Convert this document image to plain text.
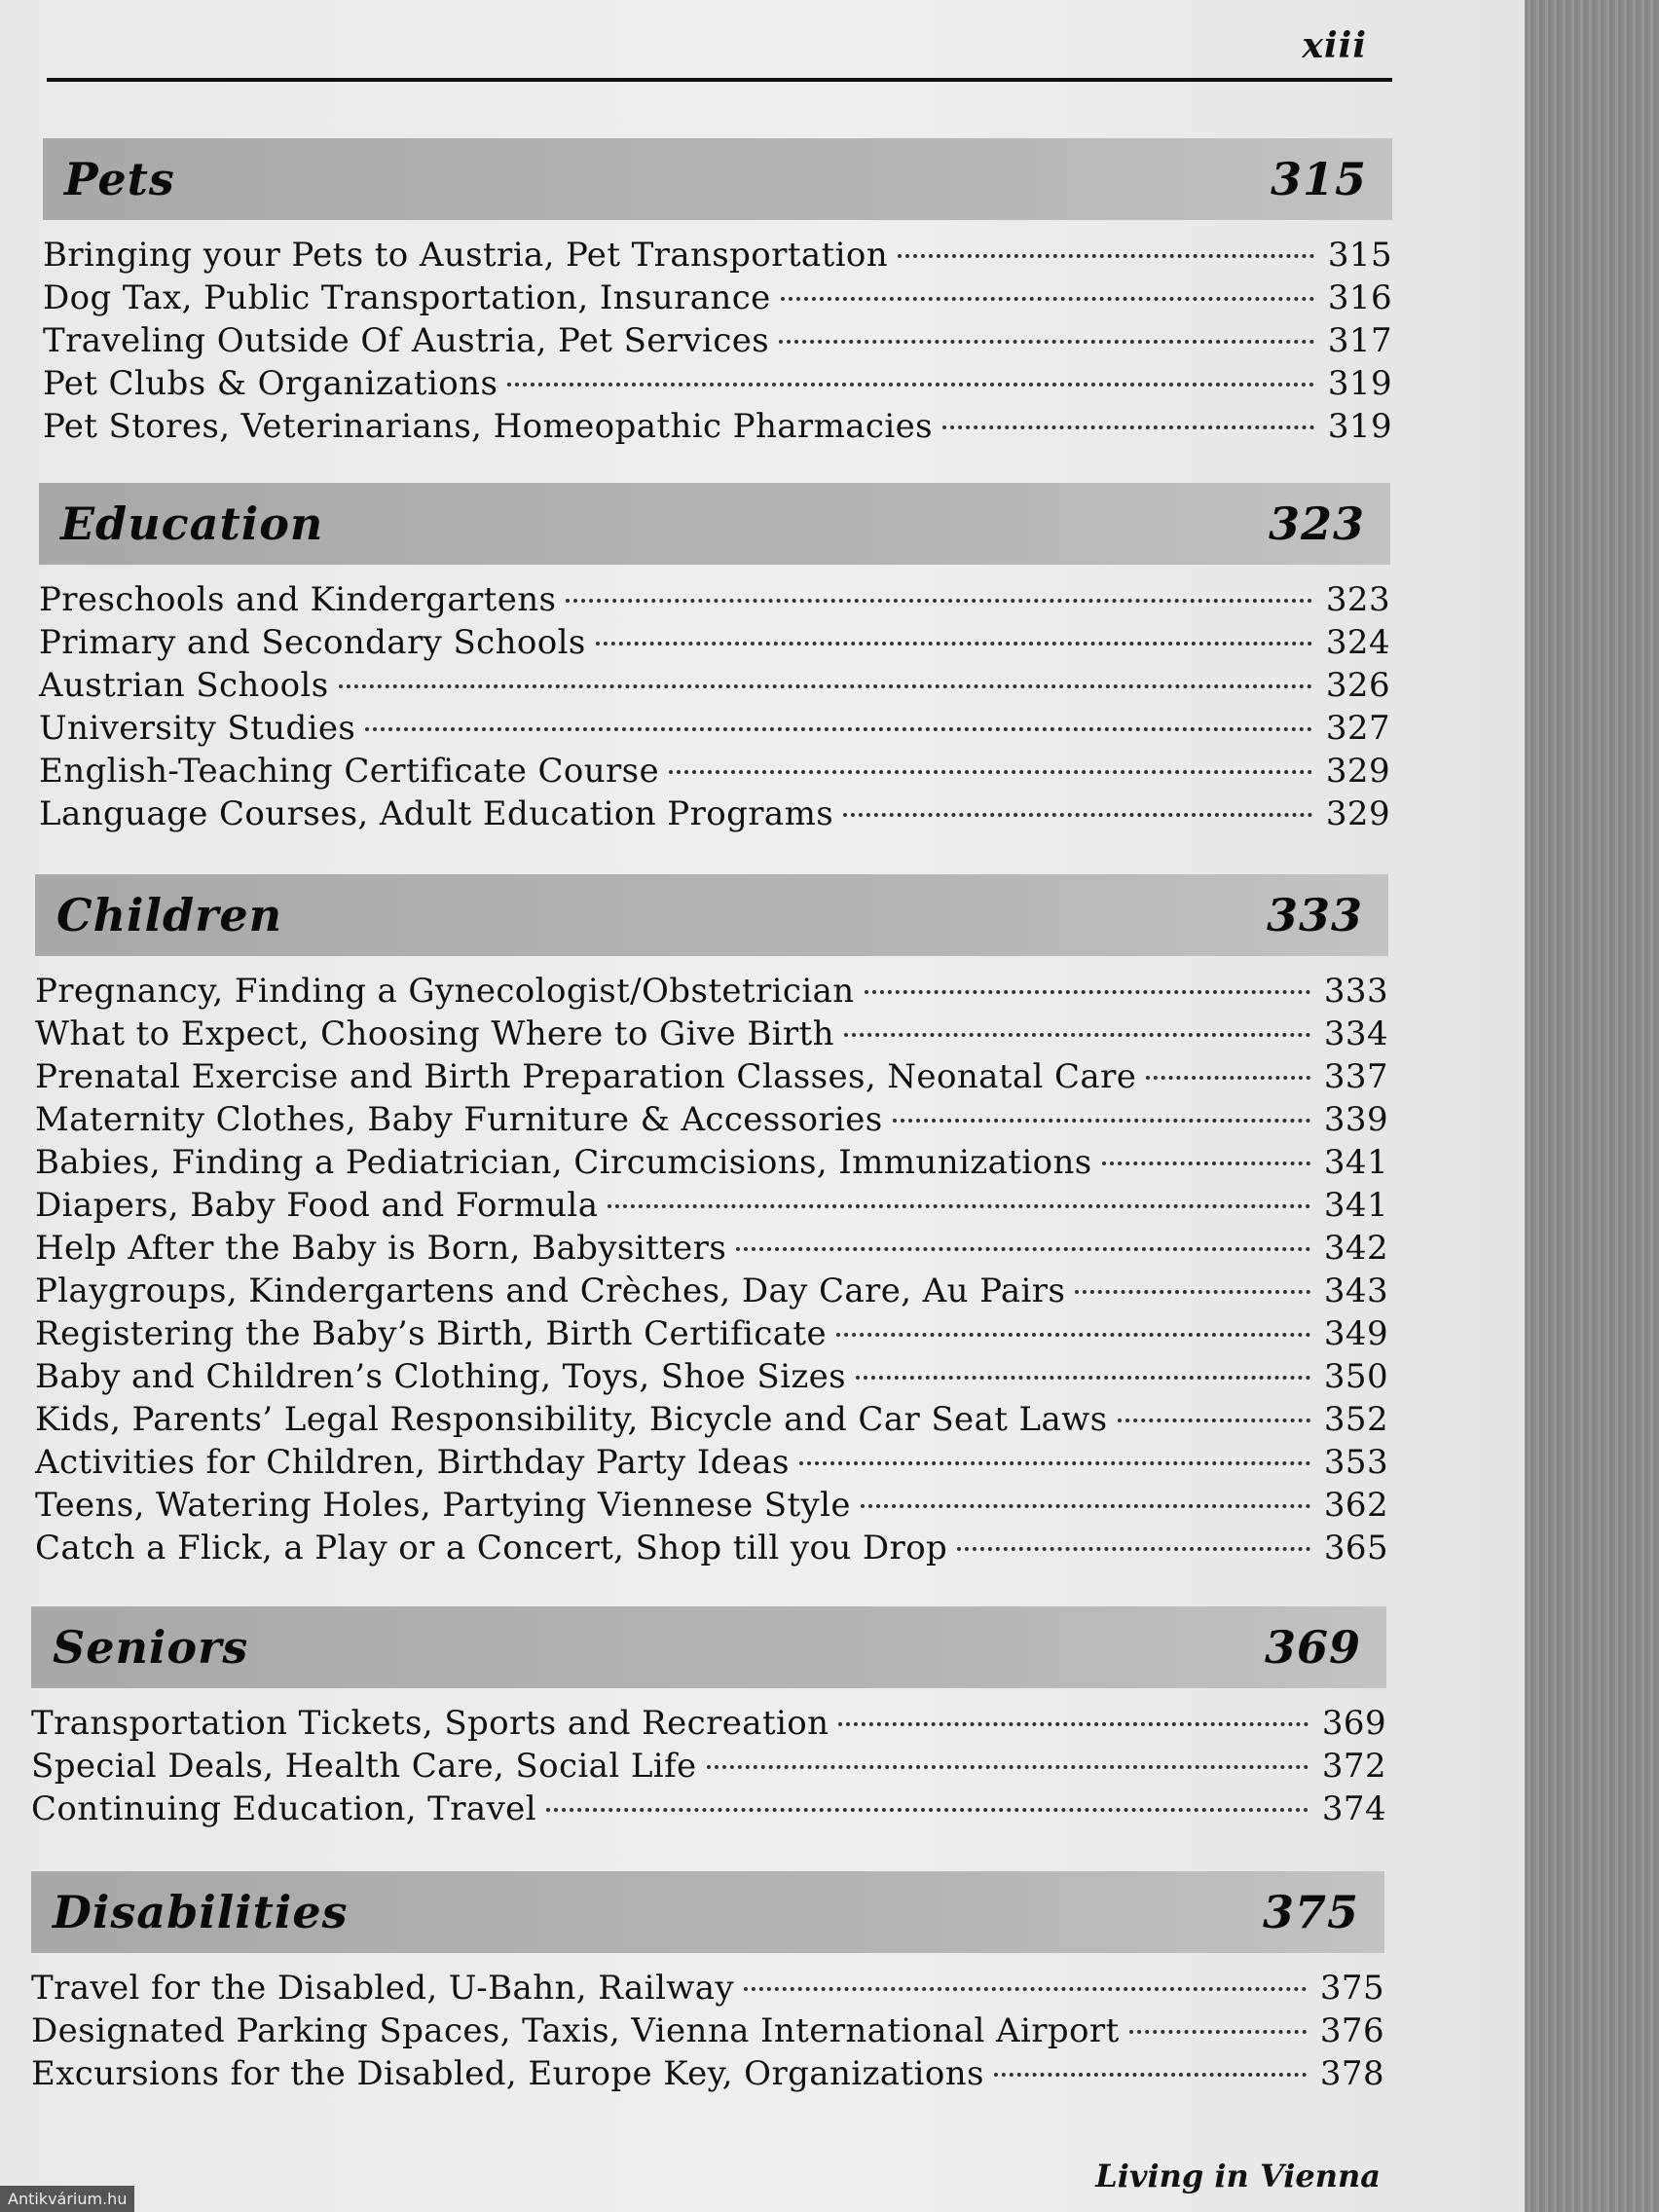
xiii
Pets	315
Bringing your Pets to Austria, Pet Transportation	315
Dog Tax, Public Transportation, Insurance	316
Traveling Outside Of Austria, Pet Services	317
Pet Clubs & Organizations	319
Pet Stores, Veterinarians, Homeopathic Pharmacies	319
Education	323
Preschools and Kindergartens	323
Primary and Secondary Schools	324
Austrian Schools	326
University Studies	327
English-Teaching Certificate Course	329
Language Courses, Adult Education Programs	329
Children	333
Pregnancy, Finding a Gynecologist/Obstetrician	333
What to Expect, Choosing Where to Give Birth	334
Prenatal Exercise and Birth Preparation Classes, Neonatal Care	337
Maternity Clothes, Baby Furniture & Accessories	339
Babies, Finding a Pediatrician, Circumcisions, Immunizations	341
Diapers, Baby Food and Formula	341
Help After the Baby is Born, Babysitters	342
Playgroups, Kindergartens and Crèches, Day Care, Au Pairs	343
Registering the Baby’s Birth, Birth Certificate	349
Baby and Children’s Clothing, Toys, Shoe Sizes	350
Kids, Parents’ Legal Responsibility, Bicycle and Car Seat Laws	352
Activities for Children, Birthday Party Ideas	353
Teens, Watering Holes, Partying Viennese Style	362
Catch a Flick, a Play or a Concert, Shop till you Drop	365
Seniors	369
Transportation Tickets, Sports and Recreation	369
Special Deals, Health Care, Social Life	372
Continuing Education, Travel	374
Disabilities	375
Travel for the Disabled, U-Bahn, Railway	375
Designated Parking Spaces, Taxis, Vienna International Airport	376
Excursions for the Disabled, Europe Key, Organizations	378
Living in Vienna
Antikvárium.hu
